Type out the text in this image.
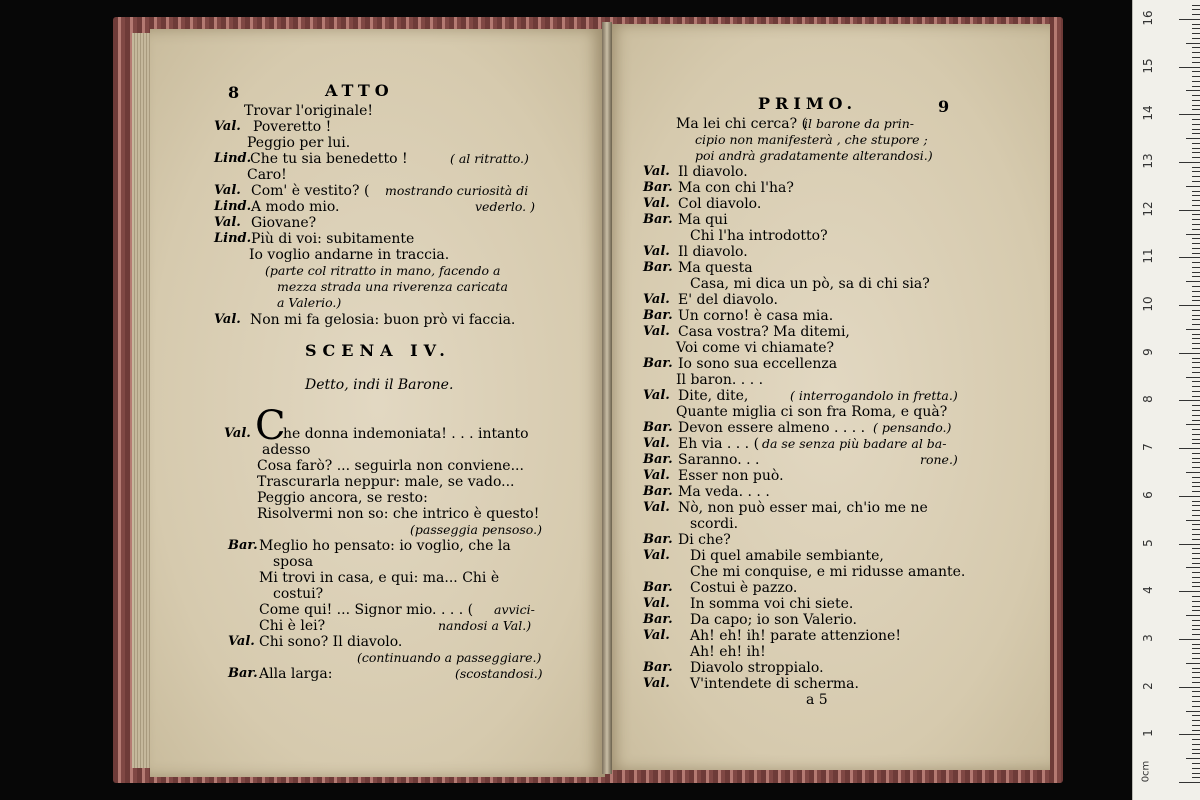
8	ATTO
SCENA IV.
Detto, indi il Barone.
C
PRIMO.	9
a 5
Trovar l'originale!
Val. Poveretto !
Peggio per lui.
Lind.
Che tu sia benedetto !	( al ritratto.)
Caro!
Val. Com' è vestito? ( mostrando curiosità di
Lind. A modo mio.	vederlo. )
Val. Giovane?
Lind. Più di voi: subitamente
Io voglio andarne in traccia.
(parte col ritratto in mano, facendo a
mezza strada una riverenza caricata
a Valerio.)
Val. Non mi fa gelosia: buon prò vi faccia.
Val. he donna indemoniata! . . . intanto
adesso
Cosa farò? ... seguirla non conviene...
Trascurarla neppur: male, se vado...
Peggio ancora, se resto:
Risolvermi non so: che intrico è questo!
(passeggia pensoso.)
Bar. Meglio ho pensato: io voglio, che la
sposa
Mi trovi in casa, e qui: ma... Chi è
costui?
Come qui! ... Signor mio. . . . ( avvici-
Chi è lei?	nandosi a Val.)
Val. Chi sono? Il diavolo.
(continuando a passeggiare.)
Bar. Alla larga:	(scostandosi.)
Ma lei chi cerca? (
il barone da prin-
cipio non manifesterà , che stupore ;
poi andrà gradatamente alterandosi.)
Val. Il diavolo.
Bar. Ma con chi l'ha?
Val. Col diavolo.
Bar. Ma qui
Chi l'ha introdotto?
Val. Il diavolo.
Bar. Ma questa
Casa, mi dica un pò, sa di chi sia?
Val. E' del diavolo.
Bar. Un corno! è casa mia.
Val. Casa vostra? Ma ditemi,
Voi come vi chiamate?
Bar. Io sono sua eccellenza
Il baron. . . .
Val. Dite, dite,	( interrogandolo in fretta.)
Quante miglia ci son fra Roma, e quà?
Bar. Devon essere almeno . . . . ( pensando.)
Val. Eh via . . . ( da se senza più badare al ba-
Bar. Saranno. . .	rone.)
Val. Esser non può.
Bar. Ma veda. . . .
Val. Nò, non può esser mai, ch'io me ne
scordi.
Bar. Di che?
Val. Di quel amabile sembiante,
Che mi conquise, e mi ridusse amante.
Bar. Costui è pazzo.
Val. In somma voi chi siete.
Bar. Da capo; io son Valerio.
Val. Ah! eh! ih! parate attenzione!
Ah! eh! ih!
Bar. Diavolo stroppialo.
Val. V'intendete di scherma.
0cm
1
2
3
4
5
6
7
8
9
10
11
12
13
14
15
16
